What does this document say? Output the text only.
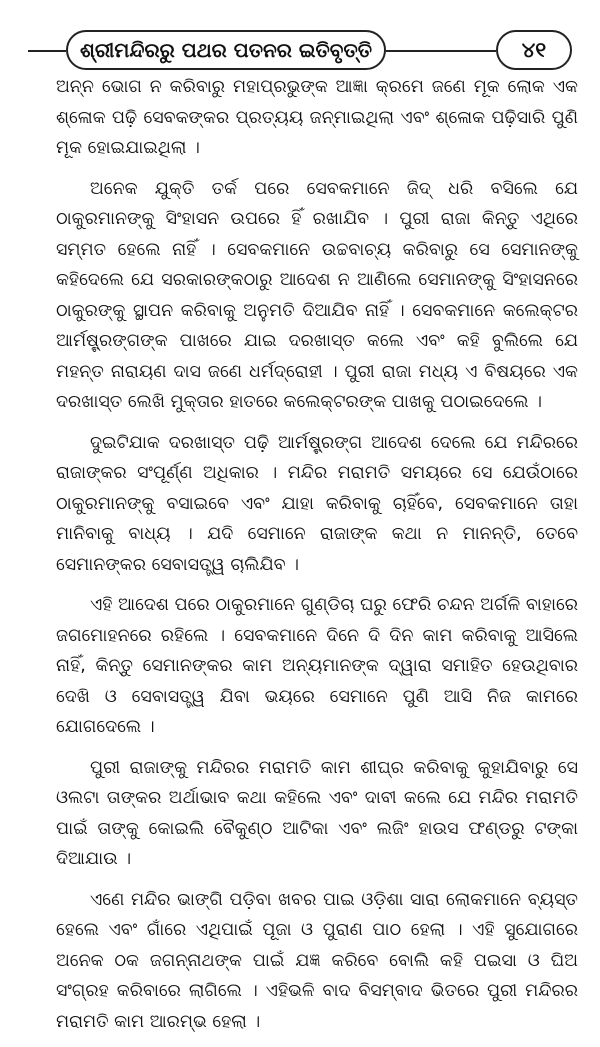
ଶ୍ରୀମନ୍ଦିରରୁ ପଥର ପତନର ଇତିବୃତ୍ତି	୪୧

ଅନ୍ନ ଭୋଗ ନ କରିବାରୁ ମହାପ୍ରଭୁଙ୍କ ଆଜ୍ଞା କ୍ରମେ ଜଣେ ମୂକ ଲୋକ ଏକ ଶ୍ଳୋକ ପଢ଼ି ସେବକଙ୍କର ପ୍ରତ୍ୟୟ ଜନ୍ମାଇଥିଲା ଏବଂ ଶ୍ଳୋକ ପଢ଼ିସାରି ପୁଣି ମୂକ ହୋଇଯାଇଥିଲା ।

ଅନେକ ଯୁକ୍ତି ତର୍କ ପରେ ସେବକମାନେ ଜିଦ୍ ଧରି ବସିଲେ ଯେ ଠାକୁରମାନଙ୍କୁ ସିଂହାସନ ଉପରେ ହିଁ ରଖାଯିବ । ପୁରୀ ରାଜା କିନ୍ତୁ ଏଥିରେ ସମ୍ମତ ହେଲେ ନାହିଁ । ସେବକମାନେ ଉଚ୍ଚବାଚ୍ୟ କରିବାରୁ ସେ ସେମାନଙ୍କୁ କହିଦେଲେ ଯେ ସରକାରଙ୍କଠାରୁ ଆଦେଶ ନ ଆଣିଲେ ସେମାନଙ୍କୁ ସିଂହାସନରେ ଠାକୁରଙ୍କୁ ସ୍ଥାପନ କରିବାକୁ ଅନୁମତି ଦିଆଯିବ ନାହିଁ । ସେବକମାନେ କଲେକ୍ଟର ଆର୍ମଷ୍ଟ୍ରଙ୍ଗଙ୍କ ପାଖରେ ଯାଇ ଦରଖାସ୍ତ କଲେ ଏବଂ କହି ବୁଲିଲେ ଯେ ମହନ୍ତ ନାରାୟଣ ଦାସ ଜଣେ ଧର୍ମଦ୍ରୋହୀ । ପୁରୀ ରାଜା ମଧ୍ୟ ଏ ବିଷୟରେ ଏକ ଦରଖାସ୍ତ ଲେଖି ମୁକ୍ତାର ହାତରେ କଲେକ୍ଟରଙ୍କ ପାଖକୁ ପଠାଇଦେଲେ ।

ଦୁଇଟିଯାକ ଦରଖାସ୍ତ ପଢ଼ି ଆର୍ମଷ୍ଟ୍ରଙ୍ଗ ଆଦେଶ ଦେଲେ ଯେ ମନ୍ଦିରରେ ରାଜାଙ୍କର ସଂପୂର୍ଣ୍ଣ ଅଧିକାର । ମନ୍ଦିର ମରାମତି ସମୟରେ ସେ ଯେଉଁଠାରେ ଠାକୁରମାନଙ୍କୁ ବସାଇବେ ଏବଂ ଯାହା କରିବାକୁ ଚାହିଁବେ, ସେବକମାନେ ତାହା ମାନିବାକୁ ବାଧ୍ୟ । ଯଦି ସେମାନେ ରାଜାଙ୍କ କଥା ନ ମାନନ୍ତି, ତେବେ ସେମାନଙ୍କର ସେବାସତ୍ତ୍ୱ ଚାଲିଯିବ ।

ଏହି ଆଦେଶ ପରେ ଠାକୁରମାନେ ଗୁଣ୍ଡିଚା ଘରୁ ଫେରି ଚନ୍ଦନ ଅର୍ଗଳି ବାହାରେ ଜଗମୋହନରେ ରହିଲେ । ସେବକମାନେ ଦିନେ ଦି ଦିନ କାମ କରିବାକୁ ଆସିଲେ ନାହିଁ, କିନ୍ତୁ ସେମାନଙ୍କର କାମ ଅନ୍ୟମାନଙ୍କ ଦ୍ୱାରା ସମାହିତ ହେଉଥିବାର ଦେଖି ଓ ସେବାସତ୍ତ୍ୱ ଯିବା ଭୟରେ ସେମାନେ ପୁଣି ଆସି ନିଜ କାମରେ ଯୋଗଦେଲେ ।

ପୁରୀ ରାଜାଙ୍କୁ ମନ୍ଦିରର ମରାମତି କାମ ଶୀଘ୍ର କରିବାକୁ କୁହାଯିବାରୁ ସେ ଓଲଟା ତାଙ୍କର ଅର୍ଥାଭାବ କଥା କହିଲେ ଏବଂ ଦାବୀ କଲେ ଯେ ମନ୍ଦିର ମରାମତି ପାଇଁ ତାଙ୍କୁ କୋଇଲି ବୈକୁଣ୍ଠ ଆଟିକା ଏବଂ ଲଜିଂ ହାଉସ ଫଣ୍ଡରୁ ଟଙ୍କା ଦିଆଯାଉ ।

ଏଣେ ମନ୍ଦିର ଭାଙ୍ଗି ପଡ଼ିବା ଖବର ପାଇ ଓଡ଼ିଶା ସାରା ଲୋକମାନେ ବ୍ୟସ୍ତ ହେଲେ ଏବଂ ଗାଁରେ ଏଥିପାଇଁ ପୂଜା ଓ ପୁରାଣ ପାଠ ହେଲା । ଏହି ସୁଯୋଗରେ ଅନେକ ଠକ ଜଗନ୍ନାଥଙ୍କ ପାଇଁ ଯଜ୍ଞ କରିବେ ବୋଲି କହି ପଇସା ଓ ଘିଅ ସଂଗ୍ରହ କରିବାରେ ଲାଗିଲେ । ଏହିଭଳି ବାଦ ବିସମ୍ବାଦ ଭିତରେ ପୁରୀ ମନ୍ଦିରର ମରାମତି କାମ ଆରମ୍ଭ ହେଲା ।
